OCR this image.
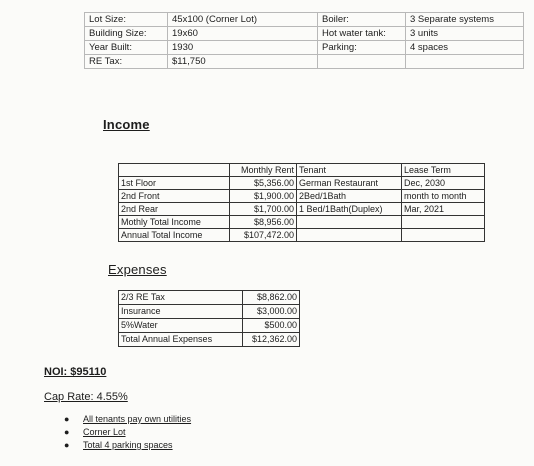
Lot Size:	45x100 (Corner Lot)	Boiler:	3 Separate systems
Building Size:	19x60	Hot water tank:	3 units
Year Built:	1930	Parking:	4 spaces
RE Tax:	$11,750		
Income
	Monthly Rent	Tenant	Lease Term
1st Floor	$5,356.00	German Restaurant	Dec, 2030
2nd Front	$1,900.00	2Bed/1Bath	month to month
2nd Rear	$1,700.00	1 Bed/1Bath(Duplex)	Mar, 2021
Mothly Total Income	$8,956.00		
Annual Total Income	$107,472.00		
Expenses
2/3 RE Tax	$8,862.00
Insurance	$3,000.00
5%Water	$500.00
Total Annual Expenses	$12,362.00
NOI: $95110
Cap Rate: 4.55%
● All tenants pay own utilities
● Corner Lot
● Total 4 parking spaces
